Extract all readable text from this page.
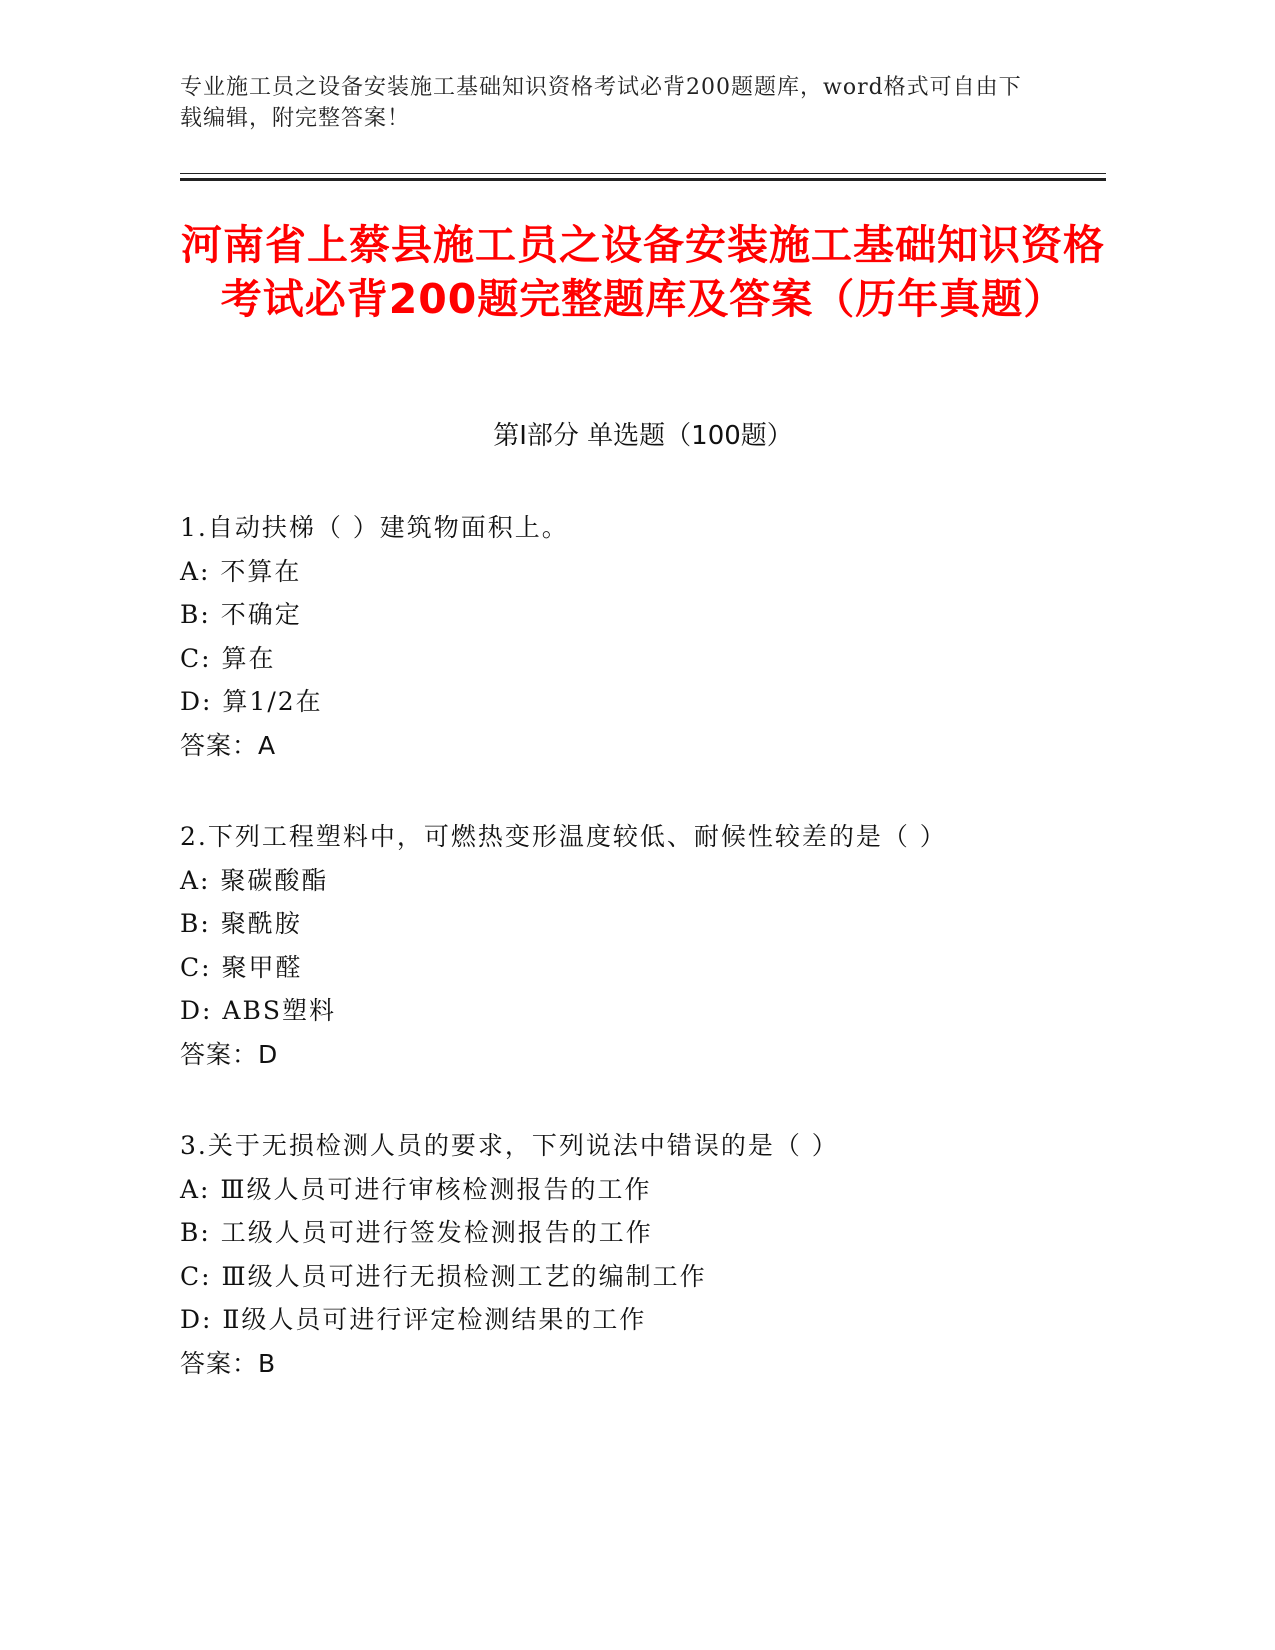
专业施工员之设备安装施工基础知识资格考试必背200题题库，word格式可自由下载编辑，附完整答案！
河南省上蔡县施工员之设备安装施工基础知识资格考试必背200题完整题库及答案（历年真题）
第Ⅰ部分 单选题（100题）
1.自动扶梯（ ）建筑物面积上。
A: 不算在
B: 不确定
C: 算在
D: 算1/2在
答案：A
2.下列工程塑料中，可燃热变形温度较低、耐候性较差的是（ ）
A: 聚碳酸酯
B: 聚酰胺
C: 聚甲醛
D: ABS塑料
答案：D
3.关于无损检测人员的要求，下列说法中错误的是（ ）
A: Ⅲ级人员可进行审核检测报告的工作
B: 工级人员可进行签发检测报告的工作
C: Ⅲ级人员可进行无损检测工艺的编制工作
D: Ⅱ级人员可进行评定检测结果的工作
答案：B
